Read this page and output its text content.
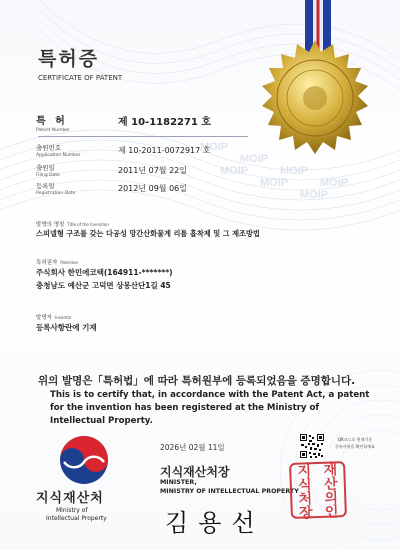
MOIP
MOIP
MOIP
MOIP
MOIP
MOIP
MOIP
특허증
CERTIFICATE OF PATENT
특 허
Patent Number
제 10-1182271 호
출원번호
Application Number
제 10-2011-0072917 호
출원일
Filing Date
2011년 07월 22일
등록일
Registration Date
2012년 09월 06일
발명의 명칭 Title of the Invention
스피넬형 구조를 갖는 다공성 망간산화물계 리튬 흡착제 및 그 제조방법
특허권자 Patentee
주식회사 한민에코텍(164911-*******)
충청남도 예산군 고덕면 상몽산단1길 45
발명자 Inventor
등록사항란에 기재
위의 발명은「특허법」에 따라 특허원부에 등록되었음을 증명합니다.
This is to certify that, in accordance with the Patent Act, a patent for the invention has been registered at the Ministry of Intellectual Property.
2026년 02월 11일
QR코드로 현재기준
등록사항을 확인하세요
지식재산처
Ministry of
Intellectual Property
지식재산처장
MINISTER,
MINISTRY OF INTELLECTUAL PROPERTY
김용선
지식
재산
처장
의인
